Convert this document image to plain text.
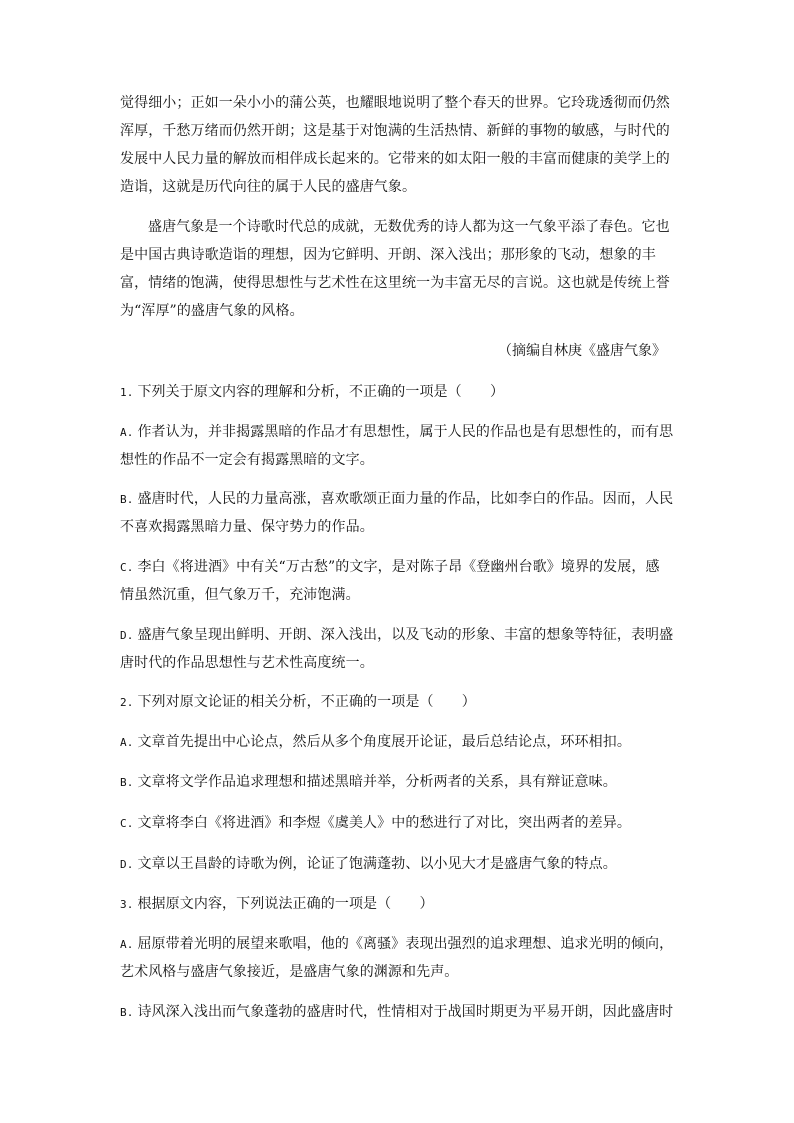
觉得细小；正如一朵小小的蒲公英，也耀眼地说明了整个春天的世界。它玲珑透彻而仍然
浑厚，千愁万绪而仍然开朗；这是基于对饱满的生活热情、新鲜的事物的敏感，与时代的
发展中人民力量的解放而相伴成长起来的。它带来的如太阳一般的丰富而健康的美学上的
造诣，这就是历代向往的属于人民的盛唐气象。
盛唐气象是一个诗歌时代总的成就，无数优秀的诗人都为这一气象平添了春色。它也
是中国古典诗歌造诣的理想，因为它鲜明、开朗、深入浅出；那形象的飞动，想象的丰
富，情绪的饱满，使得思想性与艺术性在这里统一为丰富无尽的言说。这也就是传统上誉
为“浑厚”的盛唐气象的风格。
（摘编自林庚《盛唐气象》
1. 下列关于原文内容的理解和分析，不正确的一项是（　　）
A. 作者认为，并非揭露黑暗的作品才有思想性，属于人民的作品也是有思想性的，而有思
想性的作品不一定会有揭露黑暗的文字。
B. 盛唐时代，人民的力量高涨，喜欢歌颂正面力量的作品，比如李白的作品。因而，人民
不喜欢揭露黑暗力量、保守势力的作品。
C. 李白《将进酒》中有关“万古愁”的文字，是对陈子昂《登幽州台歌》境界的发展，感
情虽然沉重，但气象万千，充沛饱满。
D. 盛唐气象呈现出鲜明、开朗、深入浅出，以及飞动的形象、丰富的想象等特征，表明盛
唐时代的作品思想性与艺术性高度统一。
2. 下列对原文论证的相关分析，不正确的一项是（　　）
A. 文章首先提出中心论点，然后从多个角度展开论证，最后总结论点，环环相扣。
B. 文章将文学作品追求理想和描述黑暗并举，分析两者的关系，具有辩证意味。
C. 文章将李白《将进酒》和李煜《虞美人》中的愁进行了对比，突出两者的差异。
D. 文章以王昌龄的诗歌为例，论证了饱满蓬勃、以小见大才是盛唐气象的特点。
3. 根据原文内容，下列说法正确的一项是（　　）
A. 屈原带着光明的展望来歌唱，他的《离骚》表现出强烈的追求理想、追求光明的倾向，
艺术风格与盛唐气象接近，是盛唐气象的渊源和先声。
B. 诗风深入浅出而气象蓬勃的盛唐时代，性情相对于战国时期更为平易开朗，因此盛唐时
